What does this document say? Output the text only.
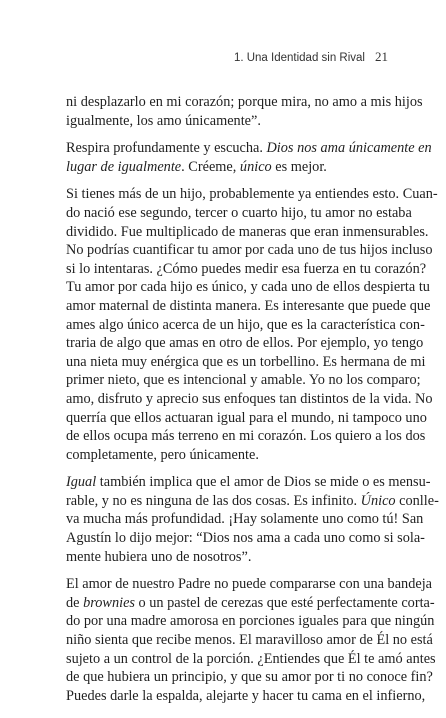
1. Una Identidad sin Rival 21
ni desplazarlo en mi corazón; porque mira, no amo a mis hijos
igualmente, los amo únicamente”.
Respira profundamente y escucha. Dios nos ama únicamente en
lugar de igualmente. Créeme, único es mejor.
Si tienes más de un hijo, probablemente ya entiendes esto. Cuan-
do nació ese segundo, tercer o cuarto hijo, tu amor no estaba
dividido. Fue multiplicado de maneras que eran inmensurables.
No podrías cuantificar tu amor por cada uno de tus hijos incluso
si lo intentaras. ¿Cómo puedes medir esa fuerza en tu corazón?
Tu amor por cada hijo es único, y cada uno de ellos despierta tu
amor maternal de distinta manera. Es interesante que puede que
ames algo único acerca de un hijo, que es la característica con-
traria de algo que amas en otro de ellos. Por ejemplo, yo tengo
una nieta muy enérgica que es un torbellino. Es hermana de mi
primer nieto, que es intencional y amable. Yo no los comparo;
amo, disfruto y aprecio sus enfoques tan distintos de la vida. No
querría que ellos actuaran igual para el mundo, ni tampoco uno
de ellos ocupa más terreno en mi corazón. Los quiero a los dos
completamente, pero únicamente.
Igual también implica que el amor de Dios se mide o es mensu-
rable, y no es ninguna de las dos cosas. Es infinito. Único conlle-
va mucha más profundidad. ¡Hay solamente uno como tú! San
Agustín lo dijo mejor: “Dios nos ama a cada uno como si sola-
mente hubiera uno de nosotros”.
El amor de nuestro Padre no puede compararse con una bandeja
de brownies o un pastel de cerezas que esté perfectamente corta-
do por una madre amorosa en porciones iguales para que ningún
niño sienta que recibe menos. El maravilloso amor de Él no está
sujeto a un control de la porción. ¿Entiendes que Él te amó antes
de que hubiera un principio, y que su amor por ti no conoce fin?
Puedes darle la espalda, alejarte y hacer tu cama en el infierno,
